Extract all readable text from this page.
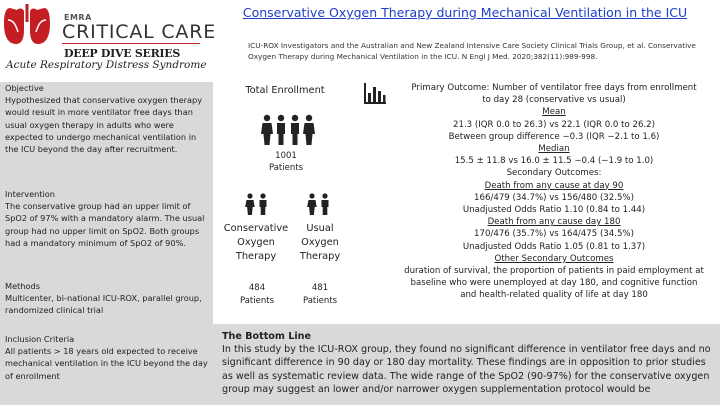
EMRA
CRITICAL CARE
DEEP DIVE SERIES
Acute Respiratory Distress Syndrome
Conservative Oxygen Therapy during Mechanical Ventilation in the ICU
ICU-ROX Investigators and the Australian and New Zealand Intensive Care Society Clinical Trials Group, et al. Conservative Oxygen Therapy during Mechanical Ventilation in the ICU. N Engl J Med. 2020;382(11):989-998.
Objective
Hypothesized that conservative oxygen therapy would result in more ventilator free days than usual oxygen therapy in adults who were expected to undergo mechanical ventilation in the ICU beyond the day after recruitment.
Intervention
The conservative group had an upper limit of SpO2 of 97% with a mandatory alarm. The usual group had no upper limit on SpO2. Both groups had a mandatory minimum of SpO2 of 90%.
Methods
Multicenter, bi-national ICU-ROX, parallel group, randomized clinical trial
Inclusion Criteria
All patients > 18 years old expected to receive mechanical ventilation in the ICU beyond the day of enrollment
Total Enrollment
1001
Patients
Conservative Oxygen Therapy
484
Patients
Usual Oxygen Therapy
481
Patients
Primary Outcome: Number of ventilator free days from enrollment
to day 28 (conservative vs usual)
Mean
21.3 (IQR 0.0 to 26.3) vs 22.1 (IQR 0.0 to 26.2)
Between group difference −0.3 (IQR −2.1 to 1.6)
Median
15.5 ± 11.8 vs 16.0 ± 11.5 −0.4 (−1.9 to 1.0)
Secondary Outcomes:
Death from any cause at day 90
166/479 (34.7%) vs 156/480 (32.5%)
Unadjusted Odds Ratio 1.10 (0.84 to 1.44)
Death from any cause day 180
170/476 (35.7%) vs 164/475 (34.5%)
Unadjusted Odds Ratio 1.05 (0.81 to 1.37)
Other Secondary Outcomes
duration of survival, the proportion of patients in paid employment at
baseline who were unemployed at day 180, and cognitive function
and health-related quality of life at day 180
The Bottom Line
In this study by the ICU-ROX group, they found no significant difference in ventilator free days and no significant difference in 90 day or 180 day mortality. These findings are in opposition to prior studies as well as systematic review data. The wide range of the SpO2 (90-97%) for the conservative oxygen group may suggest an lower and/or narrower oxygen supplementation protocol would be
